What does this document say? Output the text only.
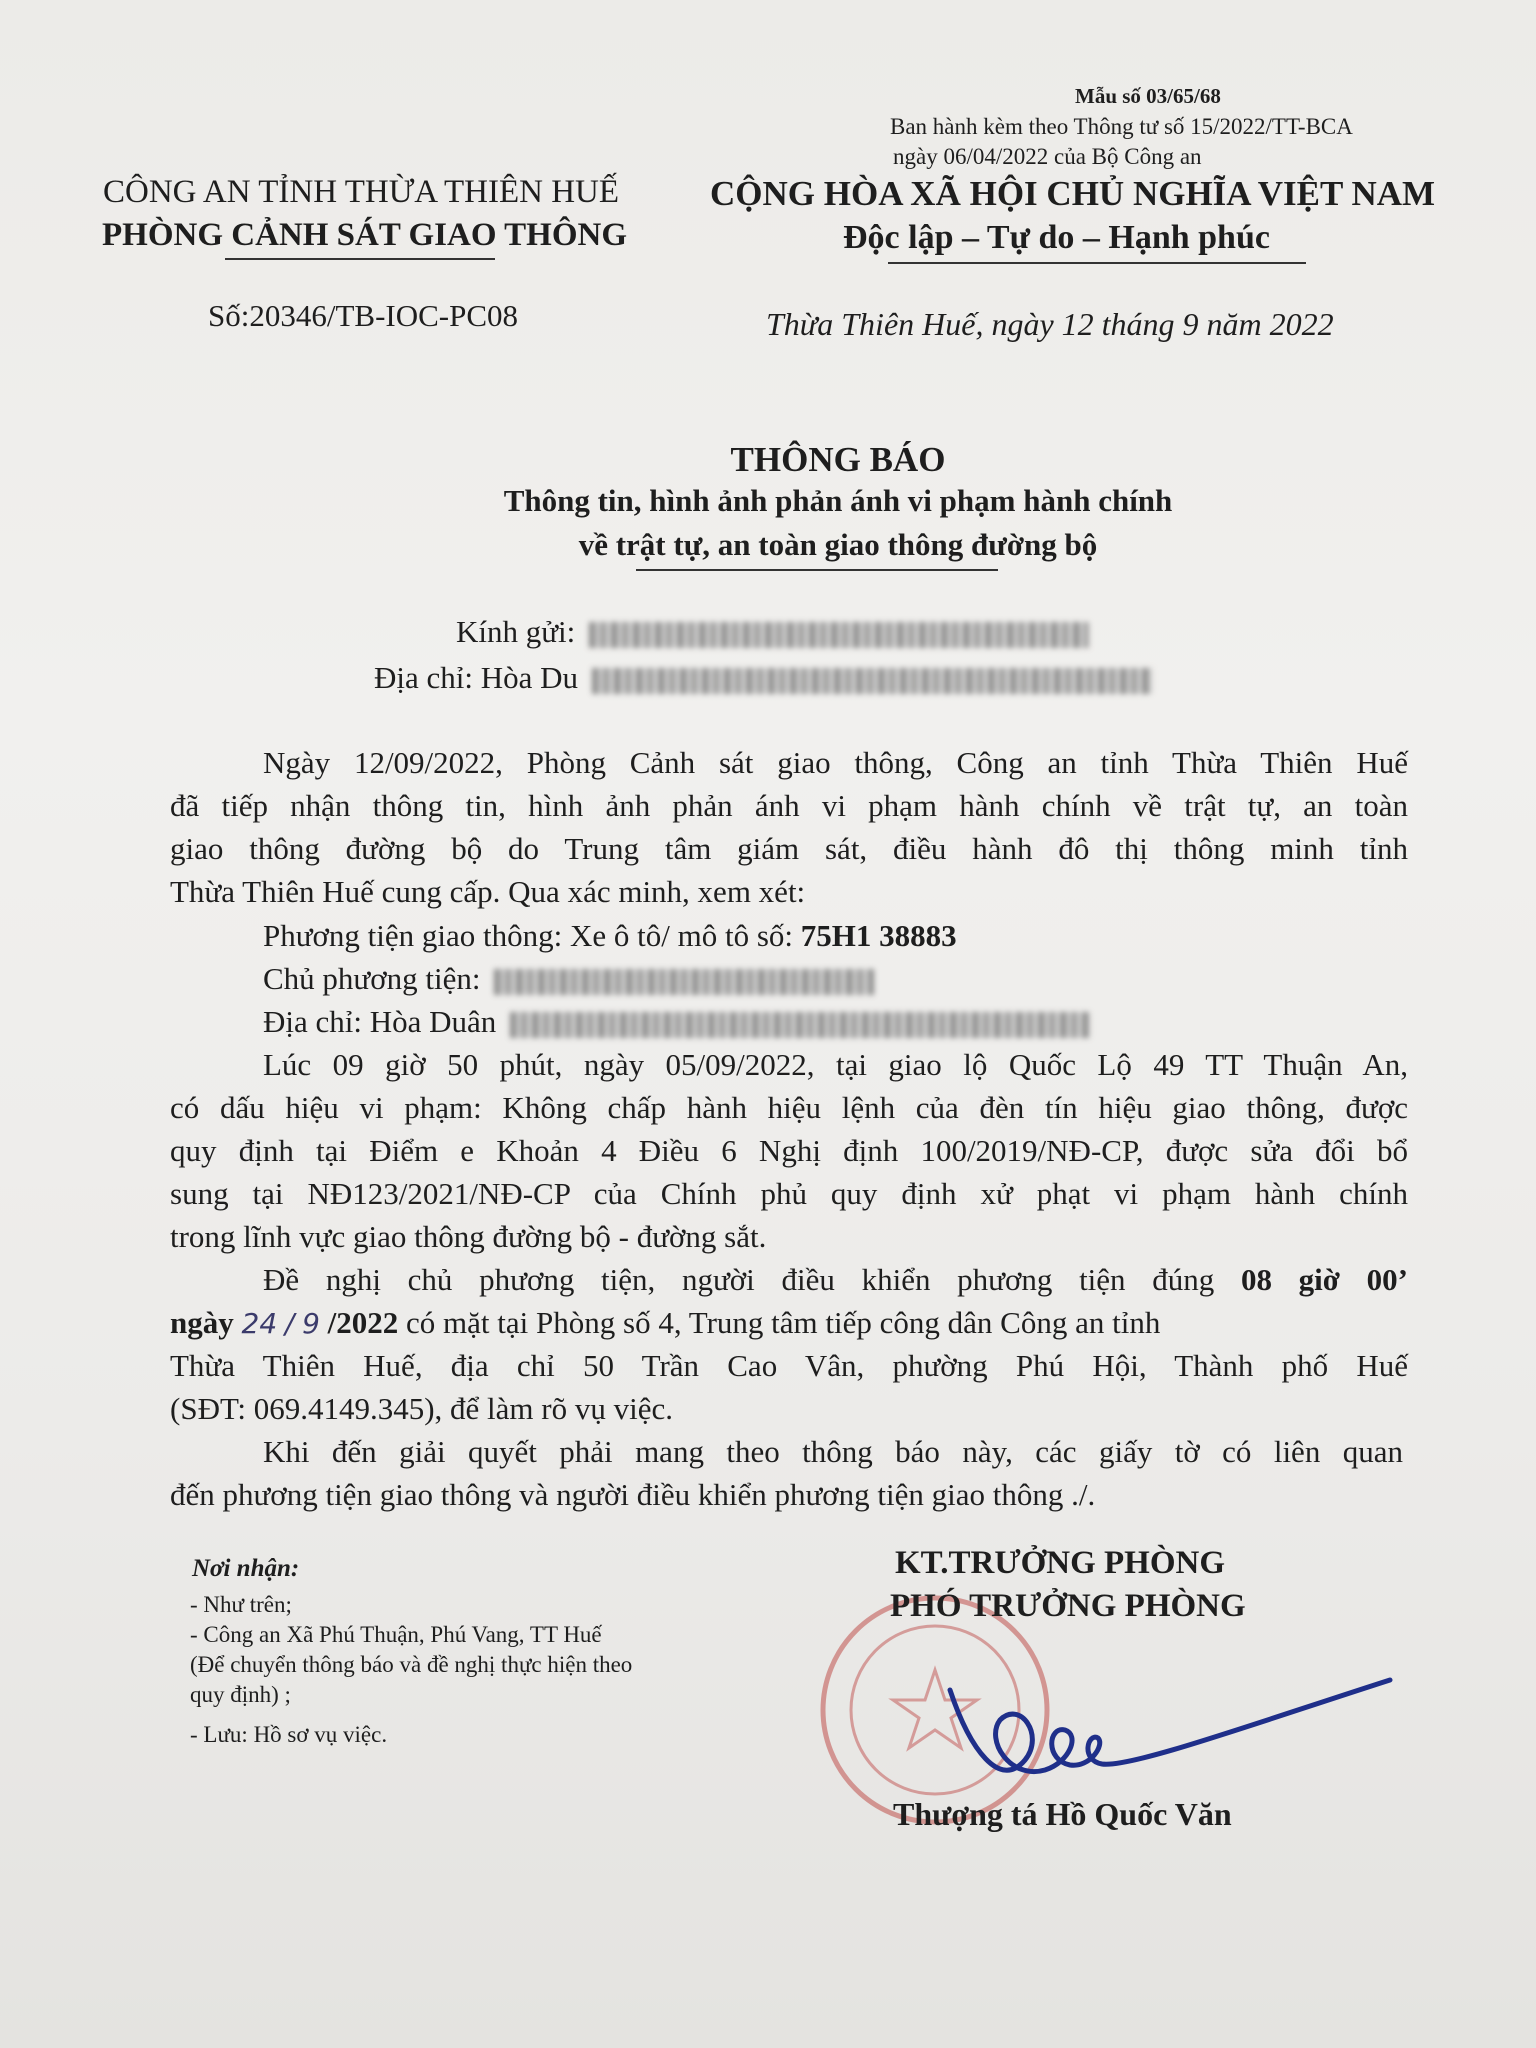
Mẫu số 03/65/68
Ban hành kèm theo Thông tư số 15/2022/TT-BCA
ngày 06/04/2022 của Bộ Công an
CÔNG AN TỈNH THỪA THIÊN HUẾ
PHÒNG CẢNH SÁT GIAO THÔNG
CỘNG HÒA XÃ HỘI CHỦ NGHĨA VIỆT NAM
Độc lập – Tự do – Hạnh phúc
Số:20346/TB-IOC-PC08	Thừa Thiên Huế, ngày 12 tháng 9 năm 2022
THÔNG BÁO
Thông tin, hình ảnh phản ánh vi phạm hành chính
về trật tự, an toàn giao thông đường bộ
Kính gửi:
Địa chỉ: Hòa Du
Ngày 12/09/2022, Phòng Cảnh sát giao thông, Công an tỉnh Thừa Thiên Huế
đã tiếp nhận thông tin, hình ảnh phản ánh vi phạm hành chính về trật tự, an toàn
giao thông đường bộ do Trung tâm giám sát, điều hành đô thị thông minh tỉnh
Thừa Thiên Huế cung cấp. Qua xác minh, xem xét:
Phương tiện giao thông: Xe ô tô/ mô tô số: 75H1 38883
Chủ phương tiện:
Địa chỉ: Hòa Duân
Lúc 09 giờ 50 phút, ngày 05/09/2022, tại giao lộ Quốc Lộ 49 TT Thuận An,
có dấu hiệu vi phạm: Không chấp hành hiệu lệnh của đèn tín hiệu giao thông, được
quy định tại Điểm e Khoản 4 Điều 6 Nghị định 100/2019/NĐ-CP, được sửa đổi bổ
sung tại NĐ123/2021/NĐ-CP của Chính phủ quy định xử phạt vi phạm hành chính
trong lĩnh vực giao thông đường bộ - đường sắt.
Đề nghị chủ phương tiện, người điều khiển phương tiện đúng 08 giờ 00’
ngày 24 / 9 /2022 có mặt tại Phòng số 4, Trung tâm tiếp công dân Công an tỉnh
Thừa Thiên Huế, địa chỉ 50 Trần Cao Vân, phường Phú Hội, Thành phố Huế
(SĐT: 069.4149.345), để làm rõ vụ việc.
Khi đến giải quyết phải mang theo thông báo này, các giấy tờ có liên quan
đến phương tiện giao thông và người điều khiển phương tiện giao thông ./.
Nơi nhận:
- Như trên;
- Công an Xã Phú Thuận, Phú Vang, TT Huế
(Để chuyển thông báo và đề nghị thực hiện theo
quy định) ;
- Lưu: Hồ sơ vụ việc.
KT.TRƯỞNG PHÒNG
PHÓ TRƯỞNG PHÒNG
Thượng tá Hồ Quốc Văn
